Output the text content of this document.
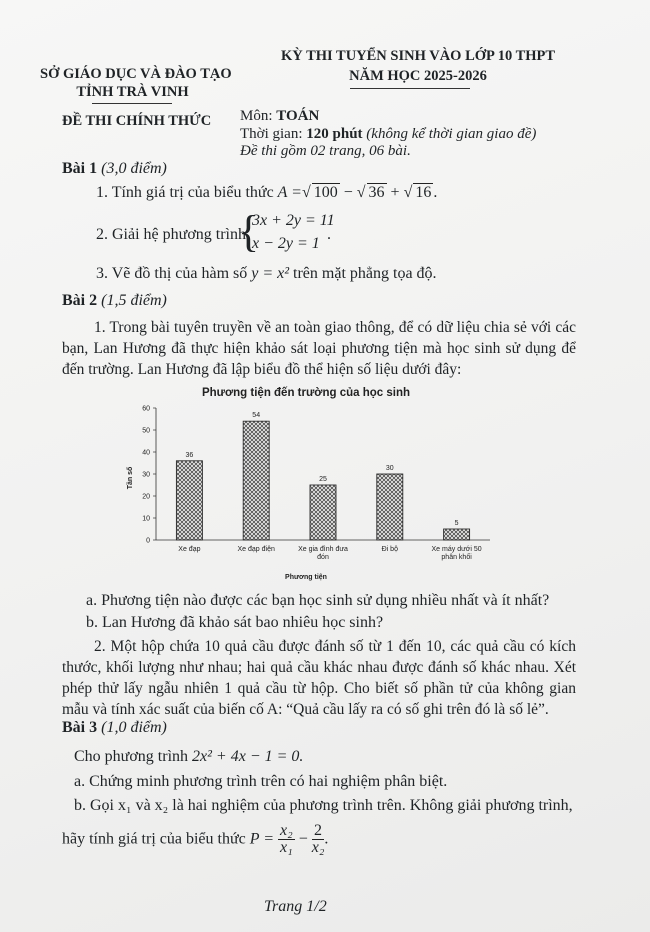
SỞ GIÁO DỤC VÀ ĐÀO TẠO
TỈNH TRÀ VINH
KỲ THI TUYỂN SINH VÀO LỚP 10 THPT
NĂM HỌC 2025-2026
ĐỀ THI CHÍNH THỨC Môn: TOÁN
Thời gian: 120 phút (không kể thời gian giao đề)
Đề thi gồm 02 trang, 06 bài.
Bài 1 (3,0 điểm)
1. Tính giá trị của biểu thức A =√ 100 − √ 36 + √ 16 .
2. Giải hệ phương trình
{
3x + 2y = 11
x − 2y = 1
.
3. Vẽ đồ thị của hàm số y = x² trên mặt phẳng tọa độ.
Bài 2 (1,5 điểm)
1. Trong bài tuyên truyền về an toàn giao thông, để có dữ liệu chia sẻ với các bạn, Lan Hương đã thực hiện khảo sát loại phương tiện mà học sinh sử dụng để đến trường. Lan Hương đã lập biểu đồ thể hiện số liệu dưới đây:
Phương tiện đến trường của học sinh
Tần số
Phương tiện
0
10
20
30
40
50
60
36
Xe đạp
54
Xe đạp điện
25
Xe gia đình đưa
đón
30
Đi bộ
5
Xe máy dưới 50
phân khối
a. Phương tiện nào được các bạn học sinh sử dụng nhiều nhất và ít nhất?
b. Lan Hương đã khảo sát bao nhiêu học sinh?
2. Một hộp chứa 10 quả cầu được đánh số từ 1 đến 10, các quả cầu có kích thước, khối lượng như nhau; hai quả cầu khác nhau được đánh số khác nhau. Xét phép thử lấy ngẫu nhiên 1 quả cầu từ hộp. Cho biết số phần tử của không gian mẫu và tính xác suất của biến cố A: “Quả cầu lấy ra có số ghi trên đó là số lẻ”.
Bài 3 (1,0 điểm)
Cho phương trình 2x² + 4x − 1 = 0.
a. Chứng minh phương trình trên có hai nghiệm phân biệt.
b. Gọi x₁ và x₂ là hai nghiệm của phương trình trên. Không giải phương trình,
hãy tính giá trị của biểu thức $P = \frac{\text{x₂}}{\text{x₁}} - \frac{2}{\text{x₂}}$ .
Trang 1/2
